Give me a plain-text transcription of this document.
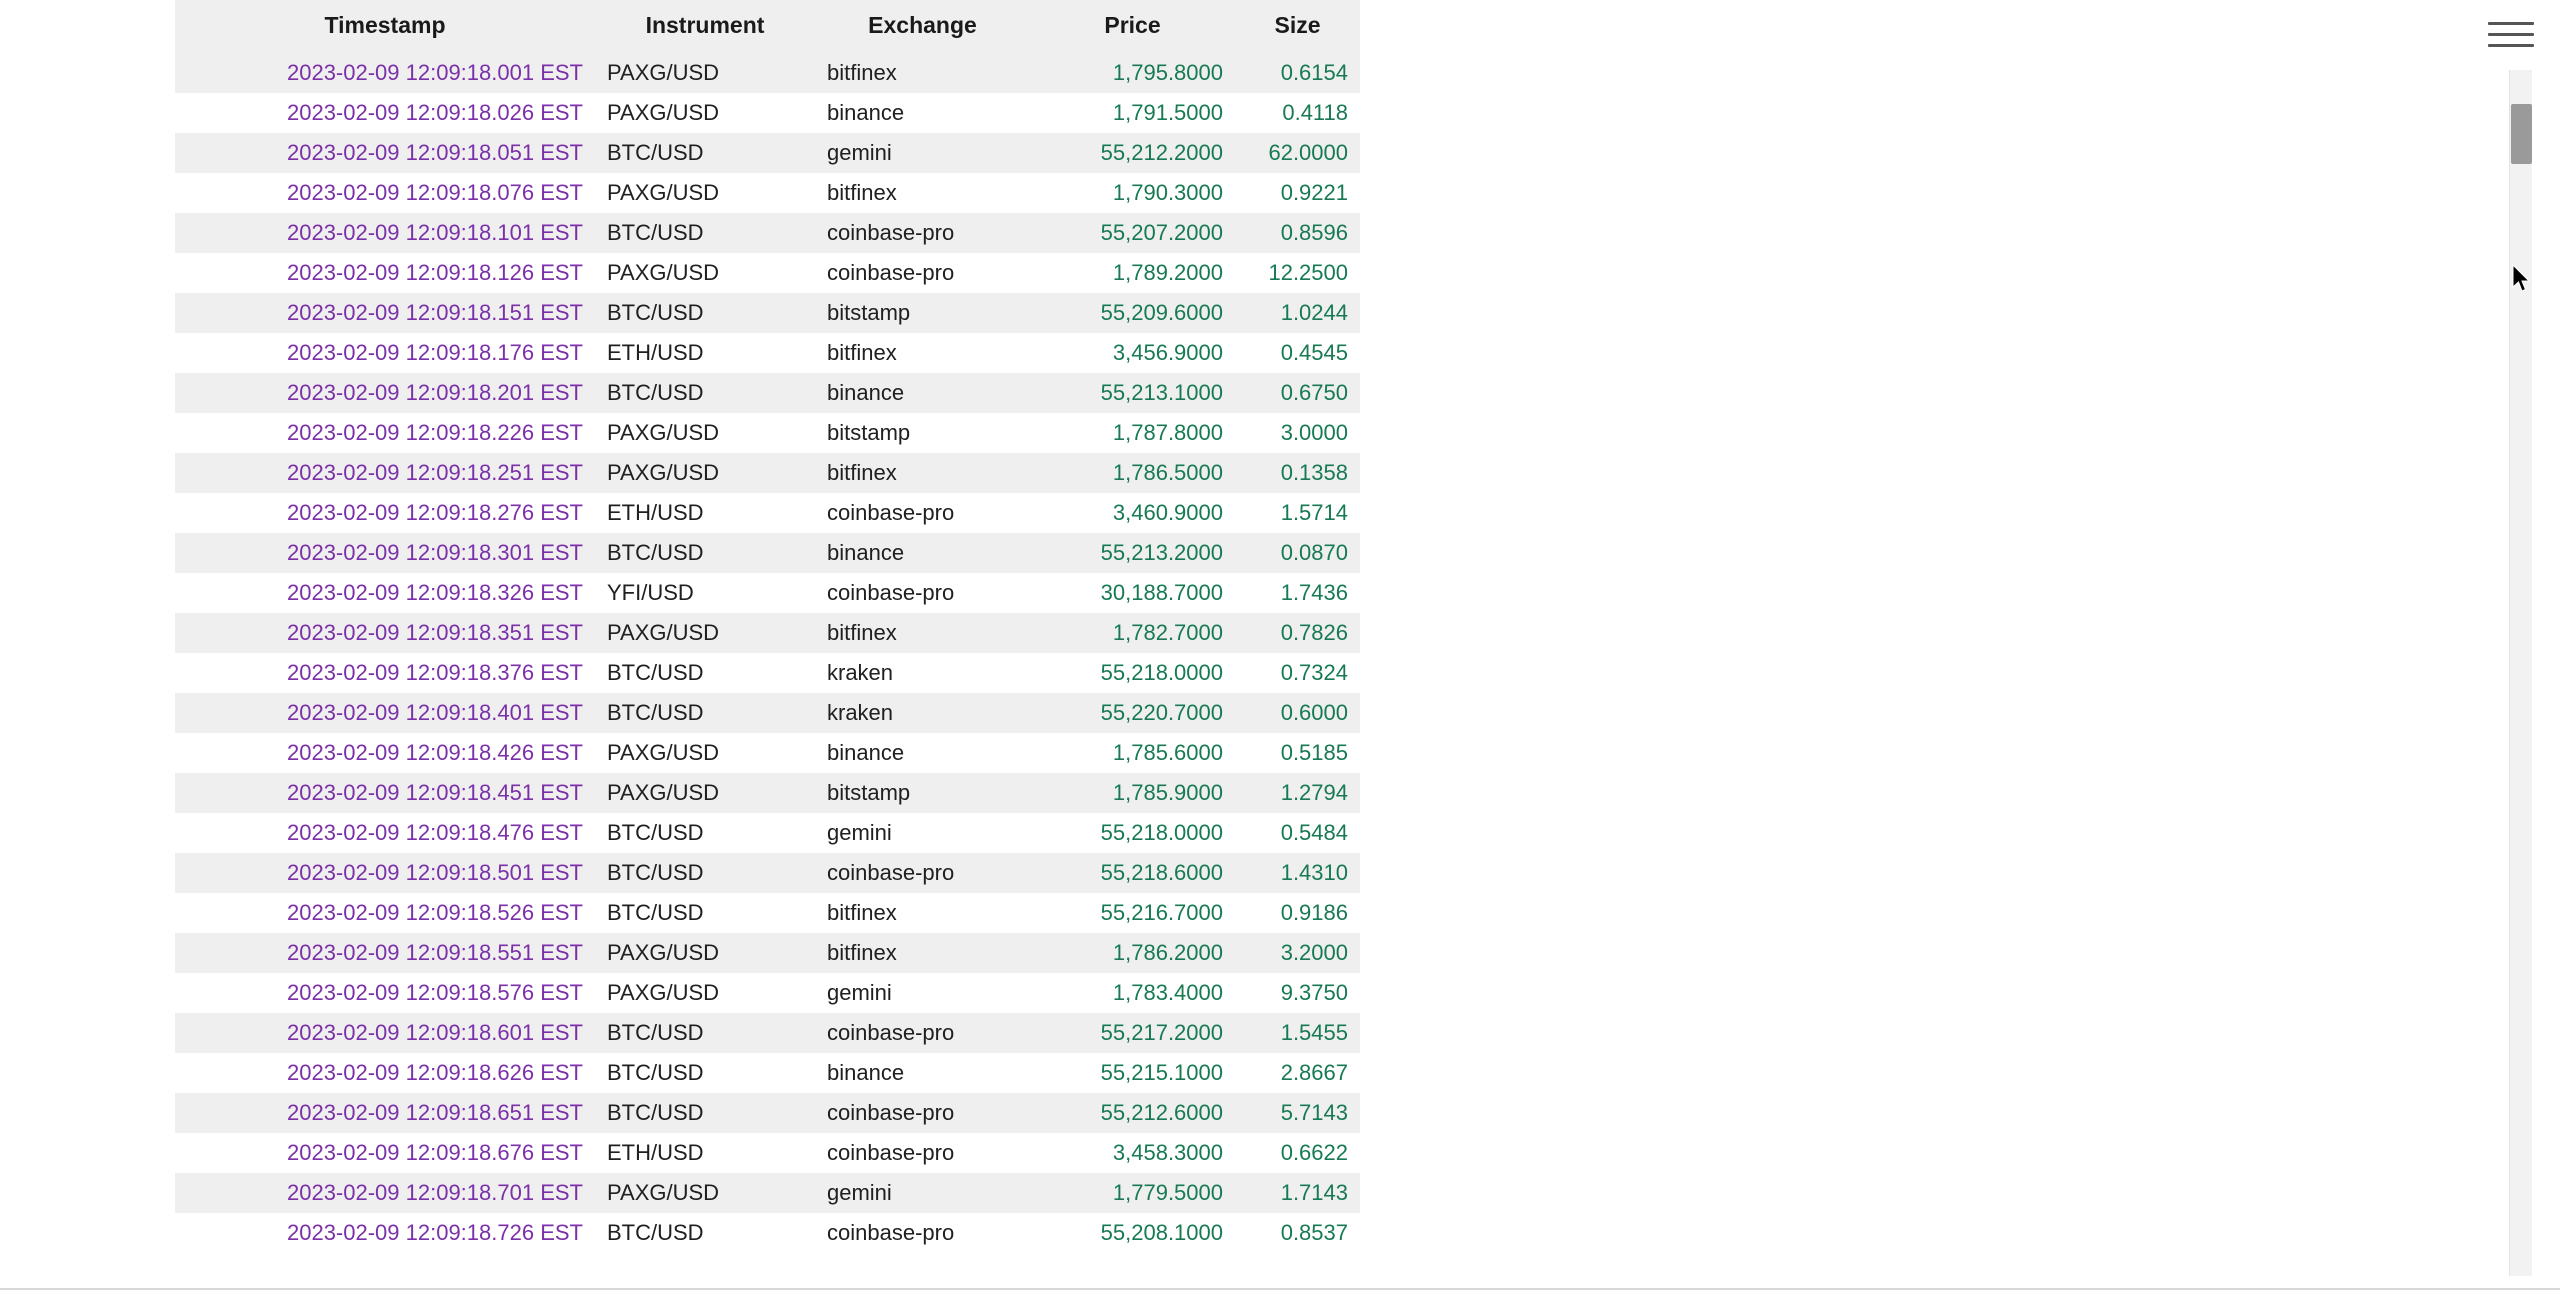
Timestamp	Instrument	Exchange	Price	Size
2023-02-09 12:09:18.001 EST	PAXG/USD	bitfinex	1,795.8000	0.6154
2023-02-09 12:09:18.026 EST	PAXG/USD	binance	1,791.5000	0.4118
2023-02-09 12:09:18.051 EST	BTC/USD	gemini	55,212.2000	62.0000
2023-02-09 12:09:18.076 EST	PAXG/USD	bitfinex	1,790.3000	0.9221
2023-02-09 12:09:18.101 EST	BTC/USD	coinbase-pro	55,207.2000	0.8596
2023-02-09 12:09:18.126 EST	PAXG/USD	coinbase-pro	1,789.2000	12.2500
2023-02-09 12:09:18.151 EST	BTC/USD	bitstamp	55,209.6000	1.0244
2023-02-09 12:09:18.176 EST	ETH/USD	bitfinex	3,456.9000	0.4545
2023-02-09 12:09:18.201 EST	BTC/USD	binance	55,213.1000	0.6750
2023-02-09 12:09:18.226 EST	PAXG/USD	bitstamp	1,787.8000	3.0000
2023-02-09 12:09:18.251 EST	PAXG/USD	bitfinex	1,786.5000	0.1358
2023-02-09 12:09:18.276 EST	ETH/USD	coinbase-pro	3,460.9000	1.5714
2023-02-09 12:09:18.301 EST	BTC/USD	binance	55,213.2000	0.0870
2023-02-09 12:09:18.326 EST	YFI/USD	coinbase-pro	30,188.7000	1.7436
2023-02-09 12:09:18.351 EST	PAXG/USD	bitfinex	1,782.7000	0.7826
2023-02-09 12:09:18.376 EST	BTC/USD	kraken	55,218.0000	0.7324
2023-02-09 12:09:18.401 EST	BTC/USD	kraken	55,220.7000	0.6000
2023-02-09 12:09:18.426 EST	PAXG/USD	binance	1,785.6000	0.5185
2023-02-09 12:09:18.451 EST	PAXG/USD	bitstamp	1,785.9000	1.2794
2023-02-09 12:09:18.476 EST	BTC/USD	gemini	55,218.0000	0.5484
2023-02-09 12:09:18.501 EST	BTC/USD	coinbase-pro	55,218.6000	1.4310
2023-02-09 12:09:18.526 EST	BTC/USD	bitfinex	55,216.7000	0.9186
2023-02-09 12:09:18.551 EST	PAXG/USD	bitfinex	1,786.2000	3.2000
2023-02-09 12:09:18.576 EST	PAXG/USD	gemini	1,783.4000	9.3750
2023-02-09 12:09:18.601 EST	BTC/USD	coinbase-pro	55,217.2000	1.5455
2023-02-09 12:09:18.626 EST	BTC/USD	binance	55,215.1000	2.8667
2023-02-09 12:09:18.651 EST	BTC/USD	coinbase-pro	55,212.6000	5.7143
2023-02-09 12:09:18.676 EST	ETH/USD	coinbase-pro	3,458.3000	0.6622
2023-02-09 12:09:18.701 EST	PAXG/USD	gemini	1,779.5000	1.7143
2023-02-09 12:09:18.726 EST	BTC/USD	coinbase-pro	55,208.1000	0.8537
